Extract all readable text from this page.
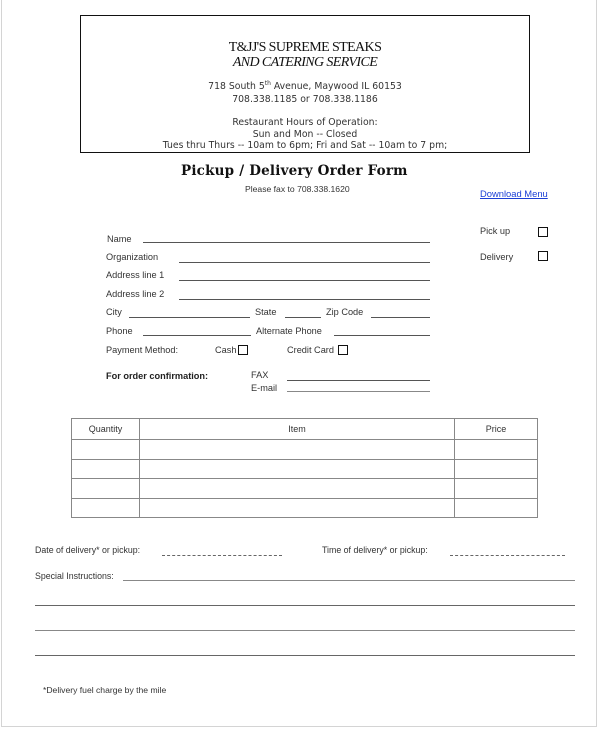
T&JJ'S SUPREME STEAKS
AND CATERING SERVICE
718 South 5th Avenue, Maywood IL 60153
708.338.1185 or 708.338.1186
Restaurant Hours of Operation:
Sun and Mon -- Closed
Tues thru Thurs -- 10am to 6pm; Fri and Sat -- 10am to 7 pm;
Pickup / Delivery Order Form
Please fax to 708.338.1620	Download Menu
Pick up
Delivery
Name
Organization
Address line 1
Address line 2
City	State	Zip Code
Phone	Alternate Phone
Payment Method:	Cash	Credit Card
For order confirmation:	FAX
E-mail
Quantity	Item	Price

Date of delivery* or pickup:	Time of delivery* or pickup:
Special Instructions:
*Delivery fuel charge by the mile
